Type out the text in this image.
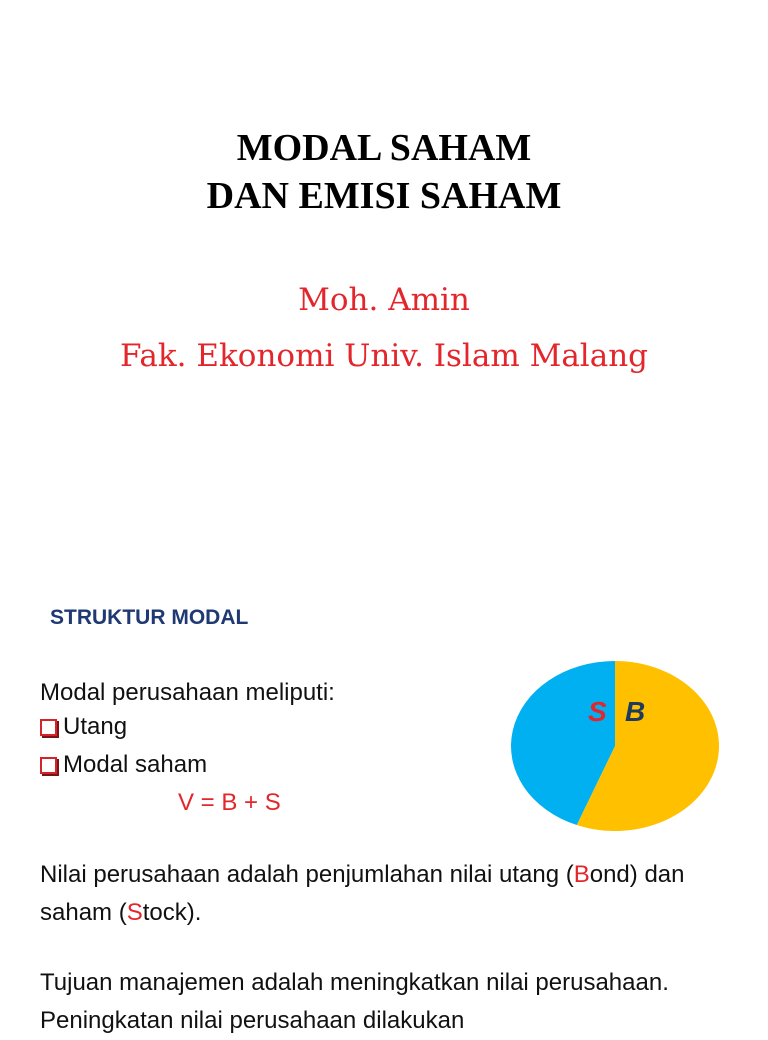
MODAL SAHAM
DAN EMISI SAHAM
Moh. Amin
Fak. Ekonomi Univ. Islam Malang
STRUKTUR MODAL
Modal perusahaan meliputi:
Utang
Modal saham
V = B + S
Nilai perusahaan adalah penjumlahan nilai utang (Bond) dan saham (Stock).
Tujuan manajemen adalah meningkatkan nilai perusahaan. Peningkatan nilai perusahaan dilakukan
B
S
